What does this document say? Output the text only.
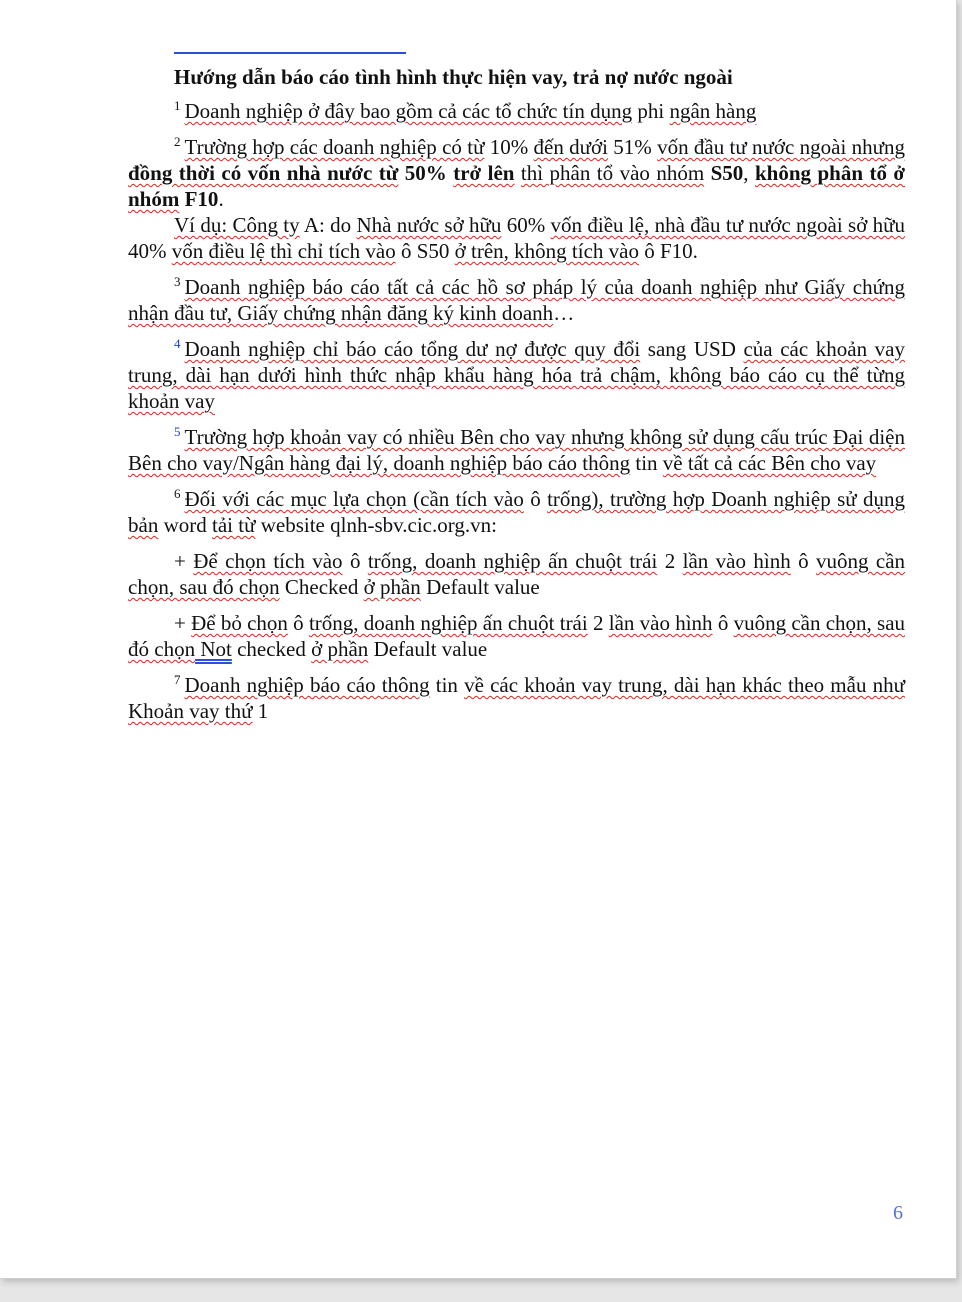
Hướng dẫn báo cáo tình hình thực hiện vay, trả nợ nước ngoài

$^1$ Doanh nghiệp ở đây bao gồm cả các tổ chức tín dụng phi ngân hàng

$^2$ Trường hợp các doanh nghiệp có từ 10% đến dưới 51% vốn đầu tư nước ngoài nhưng đồng thời có vốn nhà nước từ 50% trở lên thì phân tổ vào nhóm S50, không phân tổ ở nhóm F10.

Ví dụ: Công ty A: do Nhà nước sở hữu 60% vốn điều lệ, nhà đầu tư nước ngoài sở hữu 40% vốn điều lệ thì chỉ tích vào ô S50 ở trên, không tích vào ô F10.

$^3$ Doanh nghiệp báo cáo tất cả các hồ sơ pháp lý của doanh nghiệp như Giấy chứng nhận đầu tư, Giấy chứng nhận đăng ký kinh doanh…

$^4$ Doanh nghiệp chỉ báo cáo tổng dư nợ được quy đổi sang USD của các khoản vay trung, dài hạn dưới hình thức nhập khẩu hàng hóa trả chậm, không báo cáo cụ thể từng khoản vay

$^5$ Trường hợp khoản vay có nhiều Bên cho vay nhưng không sử dụng cấu trúc Đại diện Bên cho vay/Ngân hàng đại lý, doanh nghiệp báo cáo thông tin về tất cả các Bên cho vay

$^6$ Đối với các mục lựa chọn (cần tích vào ô trống), trường hợp Doanh nghiệp sử dụng bản word tải từ website qlnh-sbv.cic.org.vn:

+ Để chọn tích vào ô trống, doanh nghiệp ấn chuột trái 2 lần vào hình ô vuông cần chọn, sau đó chọn Checked ở phần Default value

+ Để bỏ chọn ô trống, doanh nghiệp ấn chuột trái 2 lần vào hình ô vuông cần chọn, sau đó chọn Not checked ở phần Default value

$^7$ Doanh nghiệp báo cáo thông tin về các khoản vay trung, dài hạn khác theo mẫu như Khoản vay thứ 1

6
